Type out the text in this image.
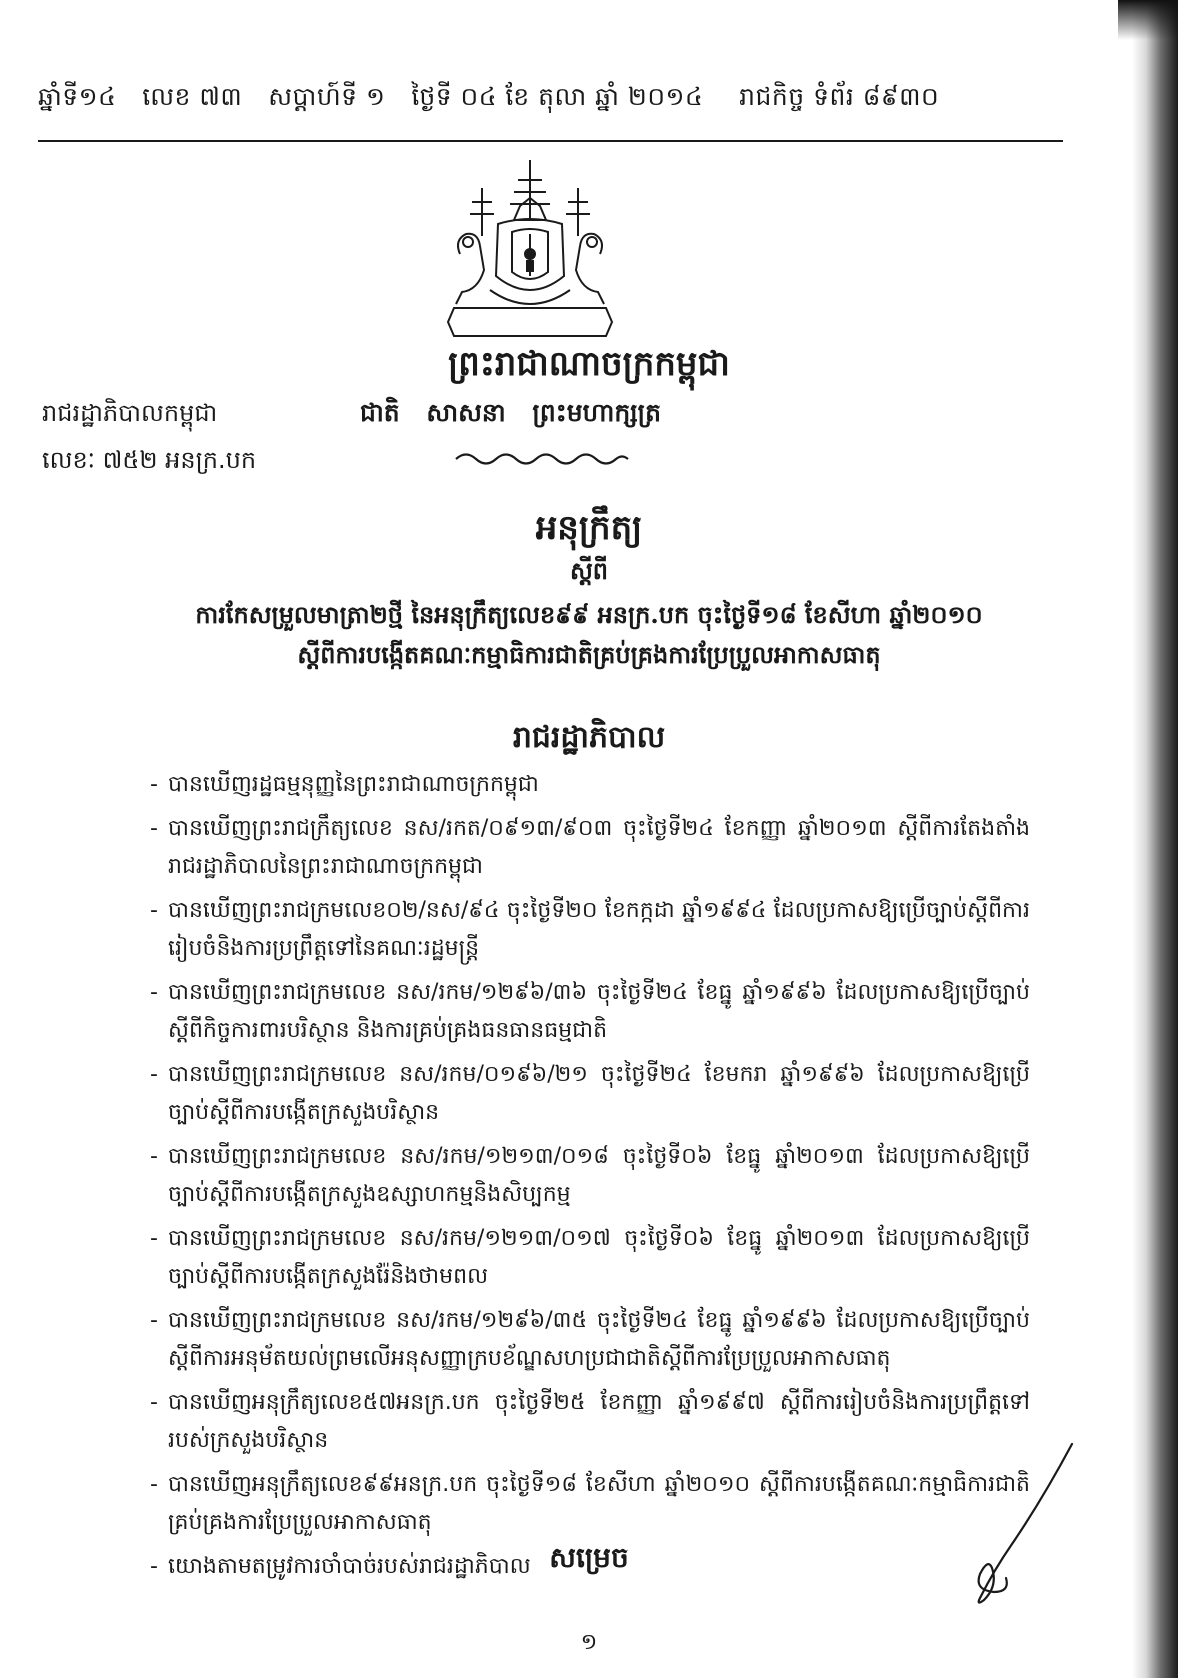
ឆ្នាំទី១៤ លេខ ៧៣ សប្តាហ៍ទី ១ ថ្ងៃទី ០៤ ខែ តុលា ឆ្នាំ ២០១៤ រាជកិច្ច ទំព័រ ៨៩៣០
ព្រះរាជាណាចក្រកម្ពុជា
រាជរដ្ឋាភិបាលកម្ពុជា	ជាតិ សាសនា ព្រះមហាក្សត្រ
លេខៈ ៧៥២ អនក្រ.បក
អនុក្រឹត្យ
ស្តីពី
ការកែសម្រួលមាត្រា២ថ្មី នៃអនុក្រឹត្យលេខ៩៩ អនក្រ.បក ចុះថ្ងៃទី១៨ ខែសីហា ឆ្នាំ២០១០
ស្តីពីការបង្កើតគណៈកម្មាធិការជាតិគ្រប់គ្រងការប្រែប្រួលអាកាសធាតុ
រាជរដ្ឋាភិបាល
- បានឃើញរដ្ឋធម្មនុញ្ញនៃព្រះរាជាណាចក្រកម្ពុជា
- បានឃើញព្រះរាជក្រឹត្យលេខ នស/រកត/០៩១៣/៩០៣ ចុះថ្ងៃទី២៤ ខែកញ្ញា ឆ្នាំ២០១៣ ស្តីពីការតែងតាំងរាជរដ្ឋាភិបាលនៃព្រះរាជាណាចក្រកម្ពុជា
- បានឃើញព្រះរាជក្រមលេខ០២/នស/៩៤ ចុះថ្ងៃទី២០ ខែកក្កដា ឆ្នាំ១៩៩៤ ដែលប្រកាសឱ្យប្រើច្បាប់ស្តីពីការរៀបចំនិងការប្រព្រឹត្តទៅនៃគណៈរដ្ឋមន្ត្រី
- បានឃើញព្រះរាជក្រមលេខ នស/រកម/១២៩៦/៣៦ ចុះថ្ងៃទី២៤ ខែធ្នូ ឆ្នាំ១៩៩៦ ដែលប្រកាសឱ្យប្រើច្បាប់ស្តីពីកិច្ចការពារបរិស្ថាន និងការគ្រប់គ្រងធនធានធម្មជាតិ
- បានឃើញព្រះរាជក្រមលេខ នស/រកម/០១៩៦/២១ ចុះថ្ងៃទី២៤ ខែមករា ឆ្នាំ១៩៩៦ ដែលប្រកាសឱ្យប្រើច្បាប់ស្តីពីការបង្កើតក្រសួងបរិស្ថាន
- បានឃើញព្រះរាជក្រមលេខ នស/រកម/១២១៣/០១៨ ចុះថ្ងៃទី០៦ ខែធ្នូ ឆ្នាំ២០១៣ ដែលប្រកាសឱ្យប្រើច្បាប់ស្តីពីការបង្កើតក្រសួងឧស្សាហកម្មនិងសិប្បកម្ម
- បានឃើញព្រះរាជក្រមលេខ នស/រកម/១២១៣/០១៧ ចុះថ្ងៃទី០៦ ខែធ្នូ ឆ្នាំ២០១៣ ដែលប្រកាសឱ្យប្រើច្បាប់ស្តីពីការបង្កើតក្រសួងរ៉ែនិងថាមពល
- បានឃើញព្រះរាជក្រមលេខ នស/រកម/១២៩៦/៣៥ ចុះថ្ងៃទី២៤ ខែធ្នូ ឆ្នាំ១៩៩៦ ដែលប្រកាសឱ្យប្រើច្បាប់ស្តីពីការអនុម័តយល់ព្រមលើអនុសញ្ញាក្របខ័ណ្ឌសហប្រជាជាតិស្តីពីការប្រែប្រួលអាកាសធាតុ
- បានឃើញអនុក្រឹត្យលេខ៥៧អនក្រ.បក ចុះថ្ងៃទី២៥ ខែកញ្ញា ឆ្នាំ១៩៩៧ ស្តីពីការរៀបចំនិងការប្រព្រឹត្តទៅរបស់ក្រសួងបរិស្ថាន
- បានឃើញអនុក្រឹត្យលេខ៩៩អនក្រ.បក ចុះថ្ងៃទី១៨ ខែសីហា ឆ្នាំ២០១០ ស្តីពីការបង្កើតគណៈកម្មាធិការជាតិគ្រប់គ្រងការប្រែប្រួលអាកាសធាតុ
- យោងតាមតម្រូវការចាំបាច់របស់រាជរដ្ឋាភិបាល សម្រេច
១
